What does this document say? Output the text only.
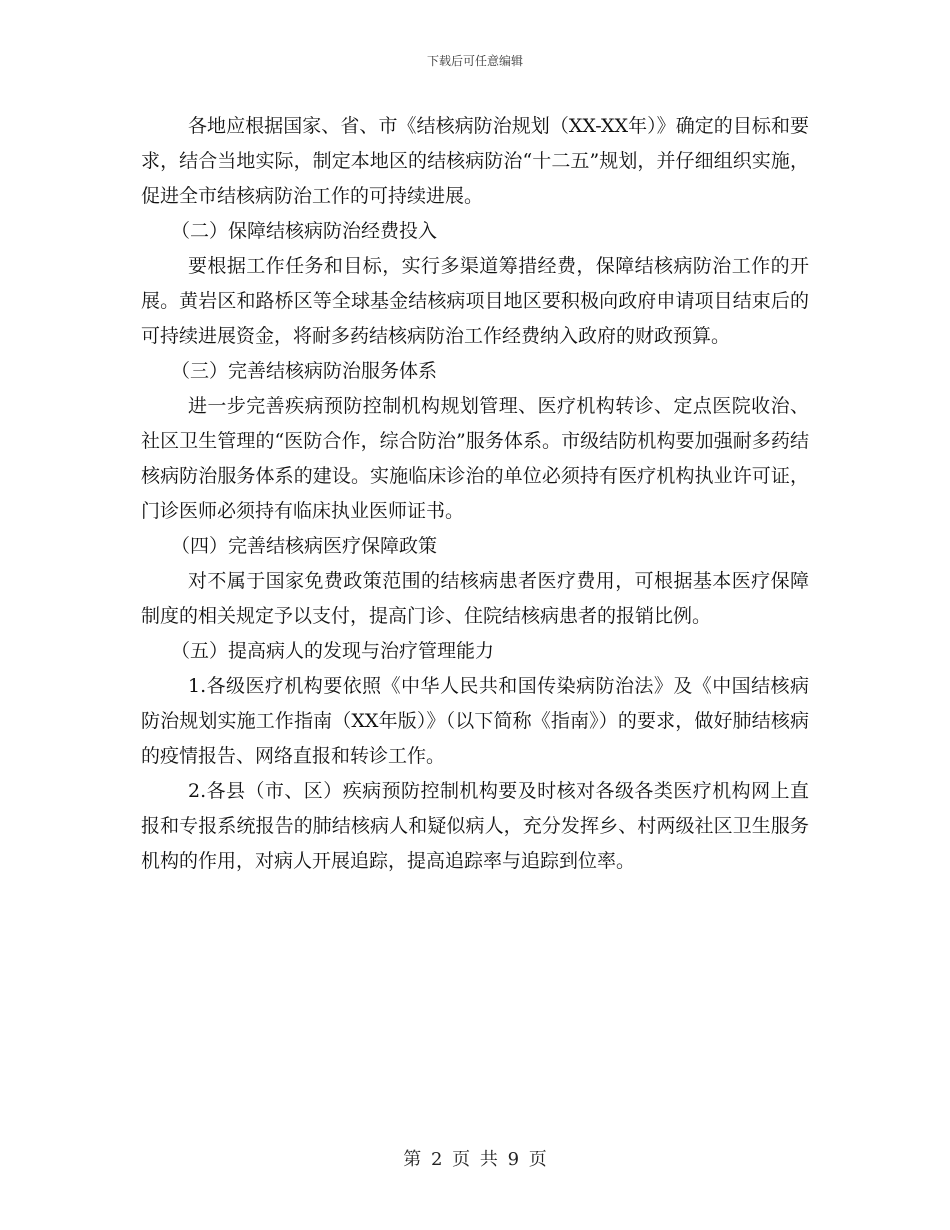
下载后可任意编辑

各地应根据国家、省、市《结核病防治规划（XX-XX年）》确定的目标和要求，结合当地实际，制定本地区的结核病防治“十二五”规划，并仔细组织实施，促进全市结核病防治工作的可持续进展。

（二）保障结核病防治经费投入

要根据工作任务和目标，实行多渠道筹措经费，保障结核病防治工作的开展。黄岩区和路桥区等全球基金结核病项目地区要积极向政府申请项目结束后的可持续进展资金，将耐多药结核病防治工作经费纳入政府的财政预算。

（三）完善结核病防治服务体系

进一步完善疾病预防控制机构规划管理、医疗机构转诊、定点医院收治、社区卫生管理的“医防合作，综合防治”服务体系。市级结防机构要加强耐多药结核病防治服务体系的建设。实施临床诊治的单位必须持有医疗机构执业许可证，门诊医师必须持有临床执业医师证书。

（四）完善结核病医疗保障政策

对不属于国家免费政策范围的结核病患者医疗费用，可根据基本医疗保障制度的相关规定予以支付，提高门诊、住院结核病患者的报销比例。

（五）提高病人的发现与治疗管理能力

1.各级医疗机构要依照《中华人民共和国传染病防治法》及《中国结核病防治规划实施工作指南（XX年版）》（以下简称《指南》）的要求，做好肺结核病的疫情报告、网络直报和转诊工作。

2.各县（市、区）疾病预防控制机构要及时核对各级各类医疗机构网上直报和专报系统报告的肺结核病人和疑似病人，充分发挥乡、村两级社区卫生服务机构的作用，对病人开展追踪，提高追踪率与追踪到位率。

第 2 页 共 9 页
